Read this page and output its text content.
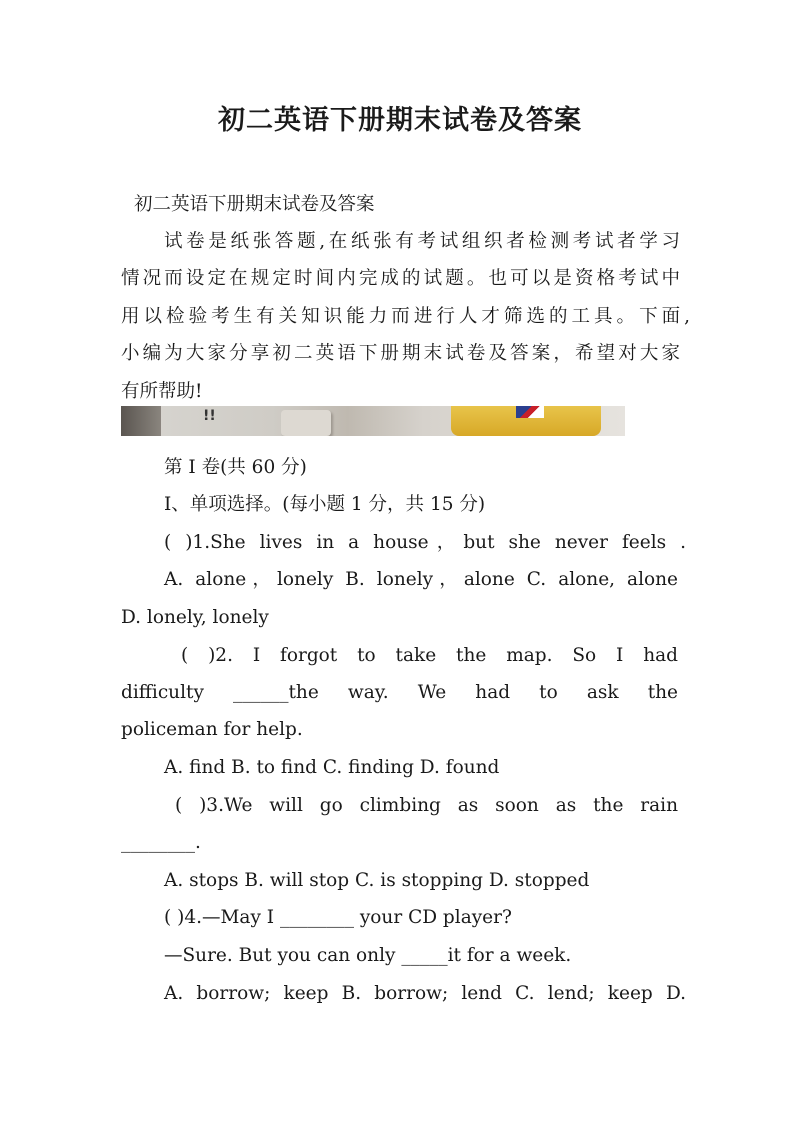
初二英语下册期末试卷及答案
初二英语下册期末试卷及答案
试卷是纸张答题,在纸张有考试组织者检测考试者学习
情况而设定在规定时间内完成的试题。也可以是资格考试中
用以检验考生有关知识能力而进行人才筛选的工具。下面,
小编为大家分享初二英语下册期末试卷及答案，希望对大家
有所帮助!
!!
第 I 卷(共 60 分)
I、单项选择。(每小题 1 分，共 15 分)
( )1.She lives in a house，but she never feels .
A. alone，lonely B. lonely，alone C. alone, alone
D. lonely, lonely
( )2. I forgot to take the map. So I had
difficulty ______the way. We had to ask the
policeman for help.
A. find B. to find C. finding D. found
( )3.We will go climbing as soon as the rain
________.
A. stops B. will stop C. is stopping D. stopped
( )4.—May I ________ your CD player?
—Sure. But you can only _____it for a week.
A. borrow; keep B. borrow; lend C. lend; keep D.
